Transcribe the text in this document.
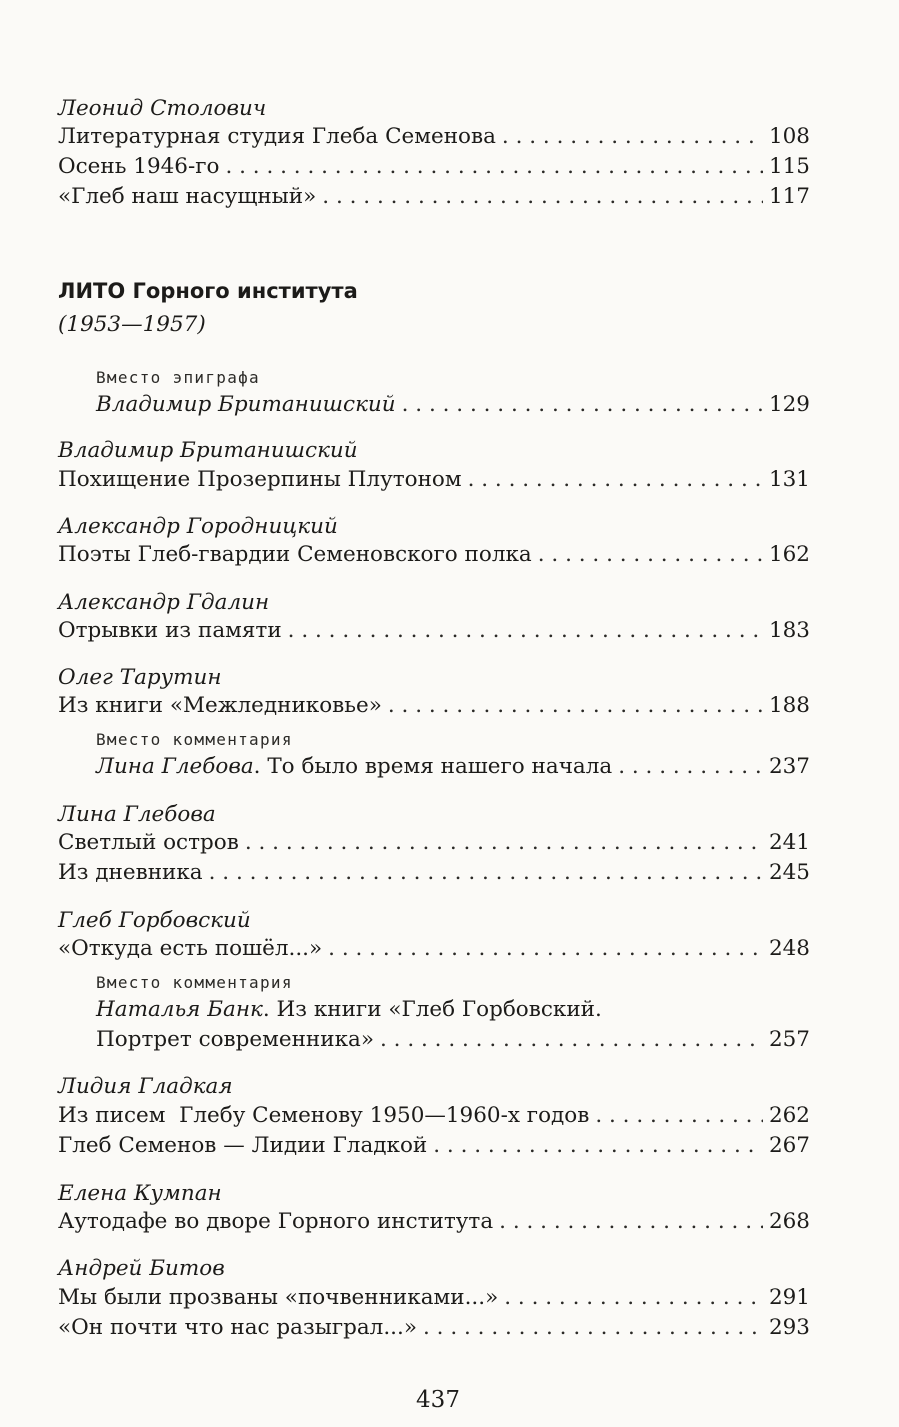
Леонид Столович
Литературная студия Глеба Семенова . . .	108
Осень 1946-го . . .	115
«Глеб наш насущный» . . .	117
ЛИТО Горного института
(1953—1957)
Вместо эпиграфа
Владимир Британишский . . .	129
Владимир Британишский
Похищение Прозерпины Плутоном . . .	131
Александр Городницкий
Поэты Глеб-гвардии Семеновского полка . . .	162
Александр Гдалин
Отрывки из памяти . . .	183
Олег Тарутин
Из книги «Межледниковье» . . .	188
Вместо комментария
Лина Глебова. То было время нашего начала . . .	237
Лина Глебова
Светлый остров . . .	241
Из дневника . . .	245
Глеб Горбовский
«Откуда есть пошёл...» . . .	248
Вместо комментария
Наталья Банк. Из книги «Глеб Горбовский.
Портрет современника» . . .	257
Лидия Гладкая
Из писем  Глебу Семенову 1950—1960-х годов . . .	262
Глеб Семенов — Лидии Гладкой . . .	267
Елена Кумпан
Аутодафе во дворе Горного института . . .	268
Андрей Битов
Мы были прозваны «почвенниками...» . . .	291
«Он почти что нас разыграл...» . . .	293
437
